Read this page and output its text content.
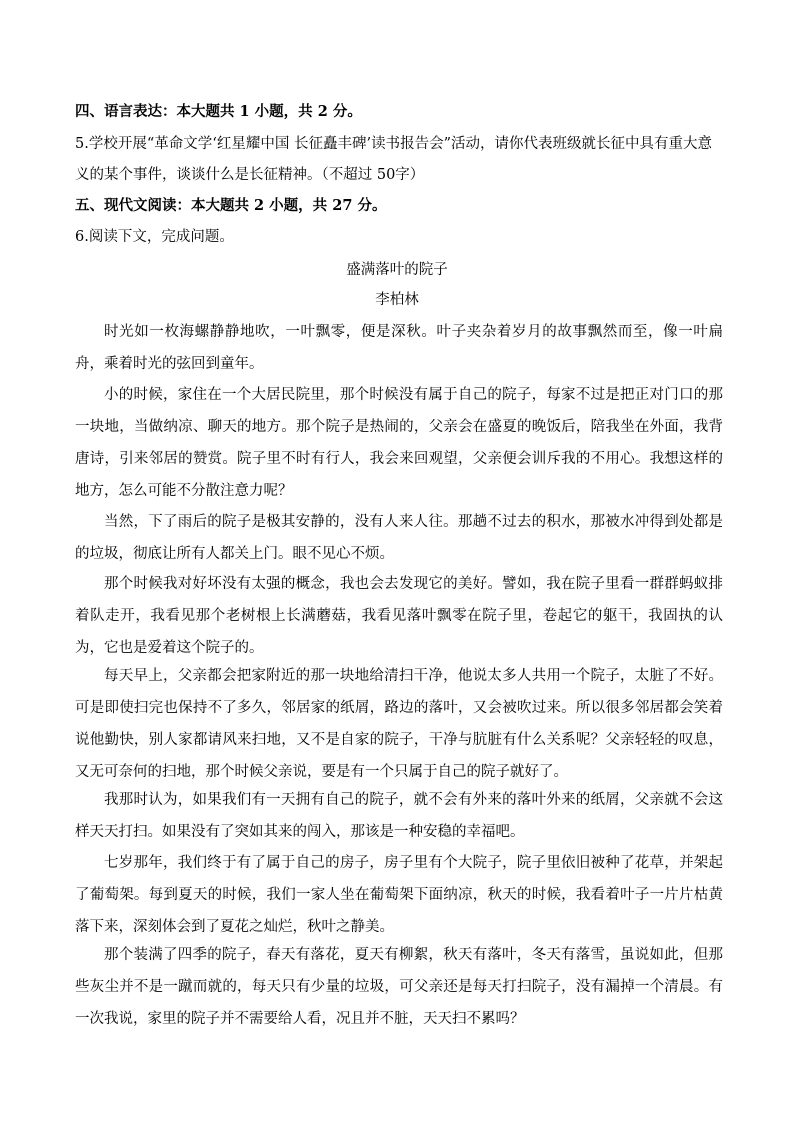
四、语言表达：本大题共 1 小题，共 2 分。
5.学校开展“革命文学‘红星耀中国 长征矗丰碑’读书报告会”活动，请你代表班级就长征中具有重大意
义的某个事件，谈谈什么是长征精神。（不超过 50字）
五、现代文阅读：本大题共 2 小题，共 27 分。
6.阅读下文，完成问题。
盛满落叶的院子
李柏林
时光如一枚海螺静静地吹，一叶飘零，便是深秋。叶子夹杂着岁月的故事飘然而至，像一叶扁舟，乘着时光的弦回到童年。
小的时候，家住在一个大居民院里，那个时候没有属于自己的院子，每家不过是把正对门口的那一块地，当做纳凉、聊天的地方。那个院子是热闹的，父亲会在盛夏的晚饭后，陪我坐在外面，我背唐诗，引来邻居的赞赏。院子里不时有行人，我会来回观望，父亲便会训斥我的不用心。我想这样的地方，怎么可能不分散注意力呢？
当然，下了雨后的院子是极其安静的，没有人来人往。那趟不过去的积水，那被水冲得到处都是的垃圾，彻底让所有人都关上门。眼不见心不烦。
那个时候我对好坏没有太强的概念，我也会去发现它的美好。譬如，我在院子里看一群群蚂蚁排着队走开，我看见那个老树根上长满蘑菇，我看见落叶飘零在院子里，卷起它的躯干，我固执的认为，它也是爱着这个院子的。
每天早上，父亲都会把家附近的那一块地给清扫干净，他说太多人共用一个院子，太脏了不好。可是即使扫完也保持不了多久，邻居家的纸屑，路边的落叶，又会被吹过来。所以很多邻居都会笑着说他勤快，别人家都请风来扫地，又不是自家的院子，干净与肮脏有什么关系呢？父亲轻轻的叹息，又无可奈何的扫地，那个时候父亲说，要是有一个只属于自己的院子就好了。
我那时认为，如果我们有一天拥有自己的院子，就不会有外来的落叶外来的纸屑，父亲就不会这样天天打扫。如果没有了突如其来的闯入，那该是一种安稳的幸福吧。
七岁那年，我们终于有了属于自己的房子，房子里有个大院子，院子里依旧被种了花草，并架起了葡萄架。每到夏天的时候，我们一家人坐在葡萄架下面纳凉，秋天的时候，我看着叶子一片片枯黄落下来，深刻体会到了夏花之灿烂，秋叶之静美。
那个装满了四季的院子，春天有落花，夏天有柳絮，秋天有落叶，冬天有落雪，虽说如此，但那些灰尘并不是一蹴而就的，每天只有少量的垃圾，可父亲还是每天打扫院子，没有漏掉一个清晨。有一次我说，家里的院子并不需要给人看，况且并不脏，天天扫不累吗？
